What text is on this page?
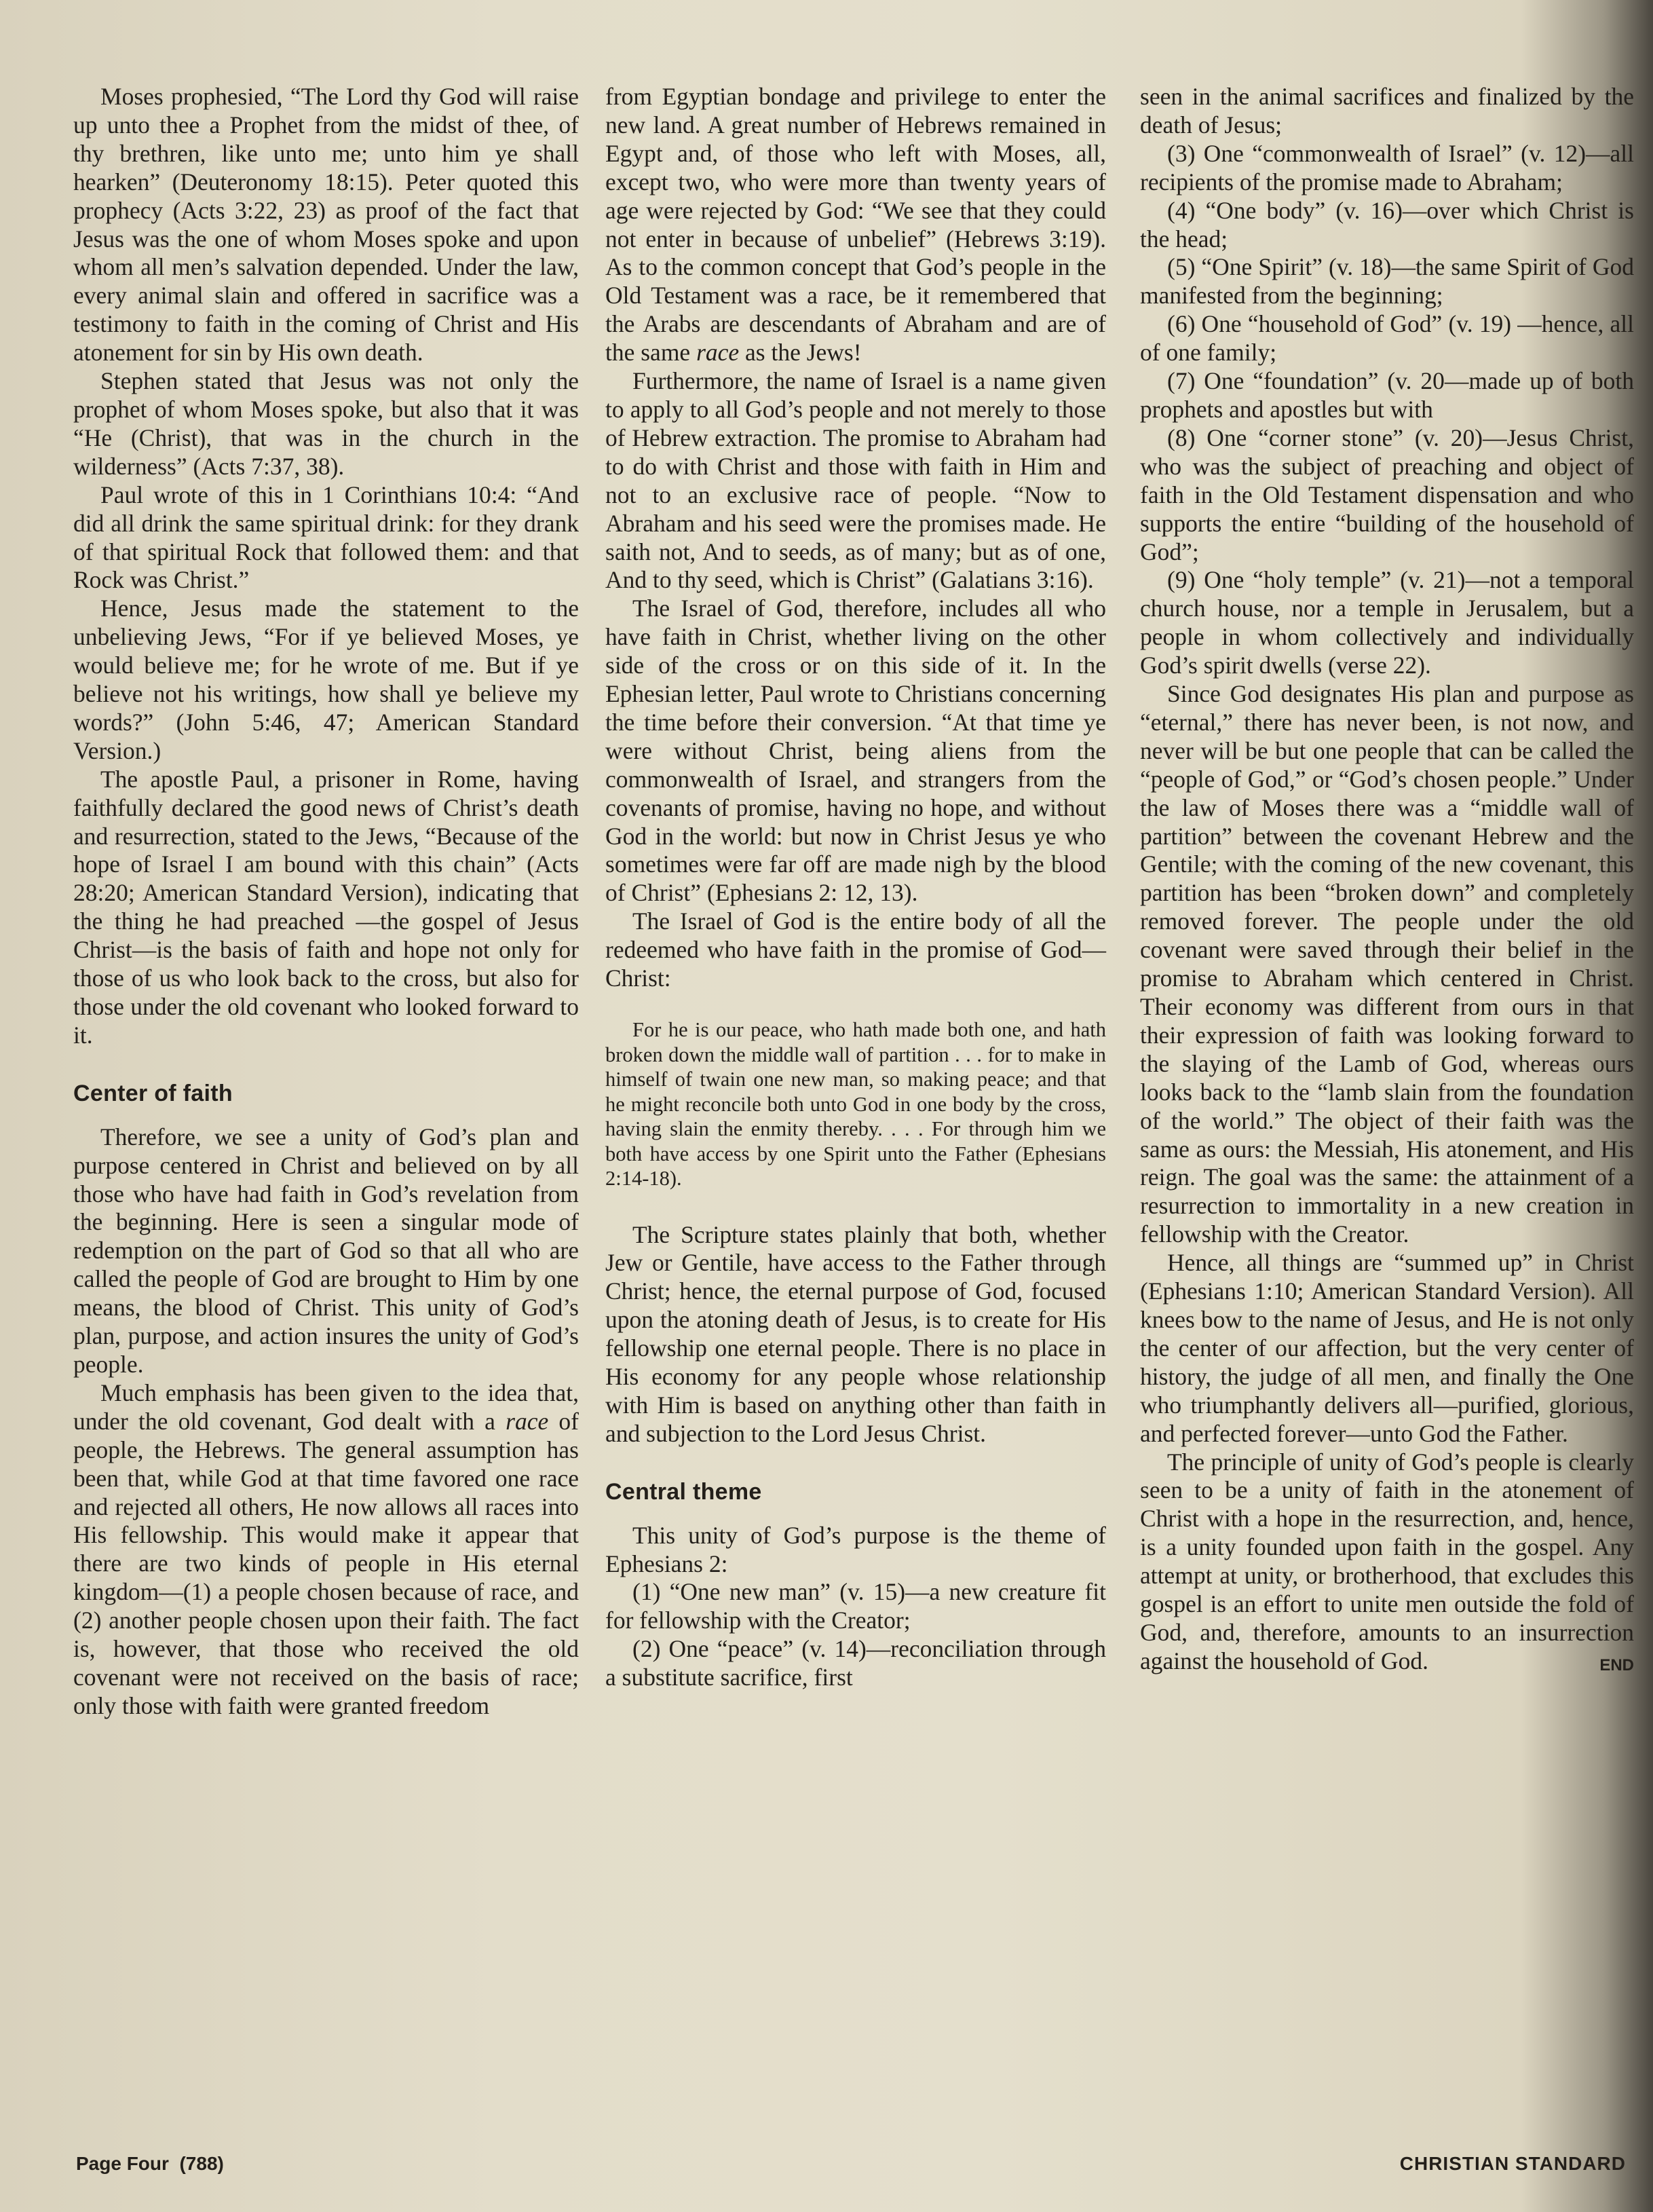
Moses prophesied, “The Lord thy God will raise up unto thee a Prophet from the midst of thee, of thy brethren, like unto me; unto him ye shall hearken” (Deuteronomy 18:15). Peter quoted this prophecy (Acts 3:22, 23) as proof of the fact that Jesus was the one of whom Moses spoke and upon whom all men’s salvation depended. Under the law, every animal slain and offered in sacrifice was a testimony to faith in the coming of Christ and His atonement for sin by His own death.

Stephen stated that Jesus was not only the prophet of whom Moses spoke, but also that it was “He (Christ), that was in the church in the wilderness” (Acts 7:37, 38).

Paul wrote of this in 1 Corinthians 10:4: “And did all drink the same spiritual drink: for they drank of that spiritual Rock that followed them: and that Rock was Christ.”

Hence, Jesus made the statement to the unbelieving Jews, “For if ye believed Moses, ye would believe me; for he wrote of me. But if ye believe not his writings, how shall ye believe my words?” (John 5:46, 47; American Standard Version.)

The apostle Paul, a prisoner in Rome, having faithfully declared the good news of Christ’s death and resurrection, stated to the Jews, “Because of the hope of Israel I am bound with this chain” (Acts 28:20; American Standard Version), indicating that the thing he had preached —the gospel of Jesus Christ—is the basis of faith and hope not only for those of us who look back to the cross, but also for those under the old covenant who looked forward to it.

Center of faith

Therefore, we see a unity of God’s plan and purpose centered in Christ and believed on by all those who have had faith in God’s revelation from the beginning. Here is seen a singular mode of redemption on the part of God so that all who are called the people of God are brought to Him by one means, the blood of Christ. This unity of God’s plan, purpose, and action insures the unity of God’s people.

Much emphasis has been given to the idea that, under the old covenant, God dealt with a race of people, the Hebrews. The general assumption has been that, while God at that time favored one race and rejected all others, He now allows all races into His fellowship. This would make it appear that there are two kinds of people in His eternal kingdom—(1) a people chosen because of race, and (2) another people chosen upon their faith. The fact is, however, that those who received the old covenant were not received on the basis of race; only those with faith were granted freedom

from Egyptian bondage and privilege to enter the new land. A great number of Hebrews remained in Egypt and, of those who left with Moses, all, except two, who were more than twenty years of age were rejected by God: “We see that they could not enter in because of unbelief” (Hebrews 3:19). As to the common concept that God’s people in the Old Testament was a race, be it remembered that the Arabs are descendants of Abraham and are of the same race as the Jews!

Furthermore, the name of Israel is a name given to apply to all God’s people and not merely to those of Hebrew extraction. The promise to Abraham had to do with Christ and those with faith in Him and not to an exclusive race of people. “Now to Abraham and his seed were the promises made. He saith not, And to seeds, as of many; but as of one, And to thy seed, which is Christ” (Galatians 3:16).

The Israel of God, therefore, includes all who have faith in Christ, whether living on the other side of the cross or on this side of it. In the Ephesian letter, Paul wrote to Christians concerning the time before their conversion. “At that time ye were without Christ, being aliens from the commonwealth of Israel, and strangers from the covenants of promise, having no hope, and without God in the world: but now in Christ Jesus ye who sometimes were far off are made nigh by the blood of Christ” (Ephesians 2: 12, 13).

The Israel of God is the entire body of all the redeemed who have faith in the promise of God—Christ:

For he is our peace, who hath made both one, and hath broken down the middle wall of partition . . . for to make in himself of twain one new man, so making peace; and that he might reconcile both unto God in one body by the cross, having slain the enmity thereby. . . . For through him we both have access by one Spirit unto the Father (Ephesians 2:14-18).

The Scripture states plainly that both, whether Jew or Gentile, have access to the Father through Christ; hence, the eternal purpose of God, focused upon the atoning death of Jesus, is to create for His fellowship one eternal people. There is no place in His economy for any people whose relationship with Him is based on anything other than faith in and subjection to the Lord Jesus Christ.

Central theme

This unity of God’s purpose is the theme of Ephesians 2:

(1) “One new man” (v. 15)—a new creature fit for fellowship with the Creator;

(2) One “peace” (v. 14)—reconciliation through a substitute sacrifice, first

seen in the animal sacrifices and finalized by the death of Jesus;

(3) One “commonwealth of Israel” (v. 12)—all recipients of the promise made to Abraham;

(4) “One body” (v. 16)—over which Christ is the head;

(5) “One Spirit” (v. 18)—the same Spirit of God manifested from the beginning;

(6) One “household of God” (v. 19) —hence, all of one family;

(7) One “foundation” (v. 20—made up of both prophets and apostles but with

(8) One “corner stone” (v. 20)—Jesus Christ, who was the subject of preaching and object of faith in the Old Testament dispensation and who supports the entire “building of the household of God”;

(9) One “holy temple” (v. 21)—not a temporal church house, nor a temple in Jerusalem, but a people in whom collectively and individually God’s spirit dwells (verse 22).

Since God designates His plan and purpose as “eternal,” there has never been, is not now, and never will be but one people that can be called the “people of God,” or “God’s chosen people.” Under the law of Moses there was a “middle wall of partition” between the covenant Hebrew and the Gentile; with the coming of the new covenant, this partition has been “broken down” and completely removed forever. The people under the old covenant were saved through their belief in the promise to Abraham which centered in Christ. Their economy was different from ours in that their expression of faith was looking forward to the slaying of the Lamb of God, whereas ours looks back to the “lamb slain from the foundation of the world.” The object of their faith was the same as ours: the Messiah, His atonement, and His reign. The goal was the same: the attainment of a resurrection to immortality in a new creation in fellowship with the Creator.

Hence, all things are “summed up” in Christ (Ephesians 1:10; American Standard Version). All knees bow to the name of Jesus, and He is not only the center of our affection, but the very center of history, the judge of all men, and finally the One who triumphantly delivers all—purified, glorious, and perfected forever—unto God the Father.

The principle of unity of God’s people is clearly seen to be a unity of faith in the atonement of Christ with a hope in the resurrection, and, hence, is a unity founded upon faith in the gospel. Any attempt at unity, or brotherhood, that excludes this gospel is an effort to unite men outside the fold of God, and, therefore, amounts to an insurrection against the household of God.	END

Page Four (788)	CHRISTIAN STANDARD
